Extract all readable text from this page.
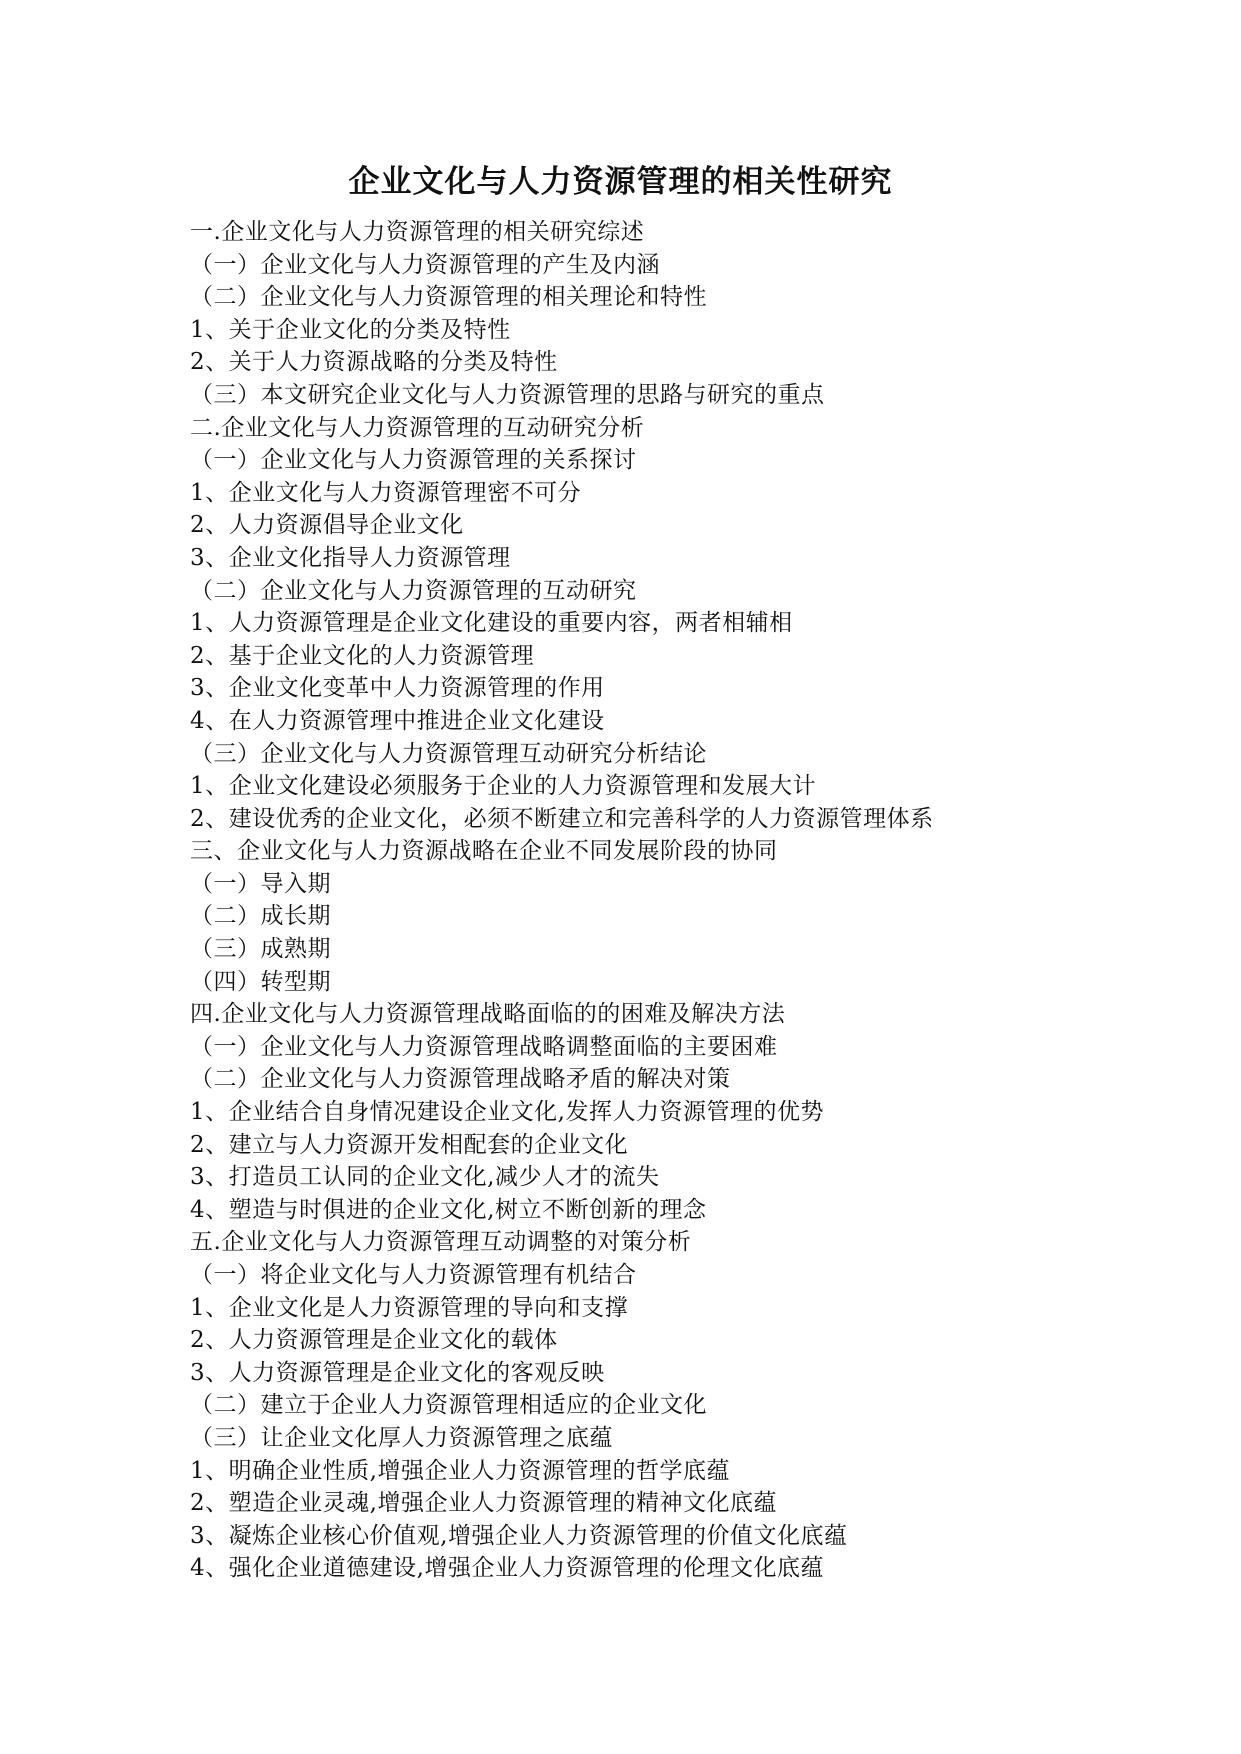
企业文化与人力资源管理的相关性研究
一.企业文化与人力资源管理的相关研究综述
（一）企业文化与人力资源管理的产生及内涵
（二）企业文化与人力资源管理的相关理论和特性
1、关于企业文化的分类及特性
2、关于人力资源战略的分类及特性
（三）本文研究企业文化与人力资源管理的思路与研究的重点
二.企业文化与人力资源管理的互动研究分析
（一）企业文化与人力资源管理的关系探讨
1、企业文化与人力资源管理密不可分
2、人力资源倡导企业文化
3、企业文化指导人力资源管理
（二）企业文化与人力资源管理的互动研究
1、人力资源管理是企业文化建设的重要内容，两者相辅相
2、基于企业文化的人力资源管理
3、企业文化变革中人力资源管理的作用
4、在人力资源管理中推进企业文化建设
（三）企业文化与人力资源管理互动研究分析结论
1、企业文化建设必须服务于企业的人力资源管理和发展大计
2、建设优秀的企业文化，必须不断建立和完善科学的人力资源管理体系
三、企业文化与人力资源战略在企业不同发展阶段的协同
（一）导入期
（二）成长期
（三）成熟期
（四）转型期
四.企业文化与人力资源管理战略面临的的困难及解决方法
（一）企业文化与人力资源管理战略调整面临的主要困难
（二）企业文化与人力资源管理战略矛盾的解决对策
1、企业结合自身情况建设企业文化,发挥人力资源管理的优势
2、建立与人力资源开发相配套的企业文化
3、打造员工认同的企业文化,减少人才的流失
4、塑造与时俱进的企业文化,树立不断创新的理念
五.企业文化与人力资源管理互动调整的对策分析
（一）将企业文化与人力资源管理有机结合
1、企业文化是人力资源管理的导向和支撑
2、人力资源管理是企业文化的载体
3、人力资源管理是企业文化的客观反映
（二）建立于企业人力资源管理相适应的企业文化
（三）让企业文化厚人力资源管理之底蕴
1、明确企业性质,增强企业人力资源管理的哲学底蕴
2、塑造企业灵魂,增强企业人力资源管理的精神文化底蕴
3、凝炼企业核心价值观,增强企业人力资源管理的价值文化底蕴
4、强化企业道德建设,增强企业人力资源管理的伦理文化底蕴
